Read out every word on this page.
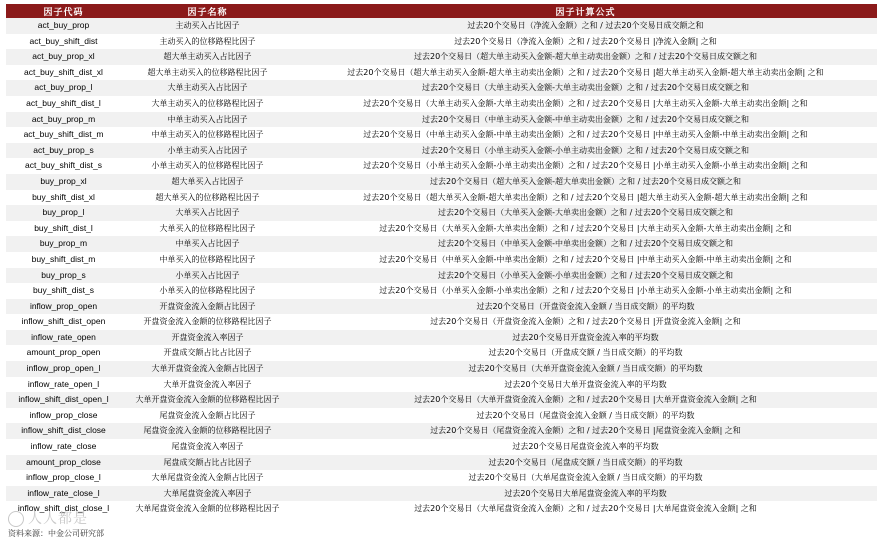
因子代码	因子名称	因子计算公式
act_buy_prop	主动买入占比因子	过去20个交易日（净流入金额）之和 / 过去20个交易日成交额之和
act_buy_shift_dist	主动买入的位移路程比因子	过去20个交易日（净流入金额）之和 / 过去20个交易日 |净流入金额| 之和
act_buy_prop_xl	超大单主动买入占比因子	过去20个交易日（超大单主动买入金额-超大单主动卖出金额）之和 / 过去20个交易日成交额之和
act_buy_shift_dist_xl	超大单主动买入的位移路程比因子	过去20个交易日（超大单主动买入金额-超大单主动卖出金额）之和 / 过去20个交易日 |超大单主动买入金额-超大单主动卖出金额| 之和
act_buy_prop_l	大单主动买入占比因子	过去20个交易日（大单主动买入金额-大单主动卖出金额）之和 / 过去20个交易日成交额之和
act_buy_shift_dist_l	大单主动买入的位移路程比因子	过去20个交易日（大单主动买入金额-大单主动卖出金额）之和 / 过去20个交易日 |大单主动买入金额-大单主动卖出金额| 之和
act_buy_prop_m	中单主动买入占比因子	过去20个交易日（中单主动买入金额-中单主动卖出金额）之和 / 过去20个交易日成交额之和
act_buy_shift_dist_m	中单主动买入的位移路程比因子	过去20个交易日（中单主动买入金额-中单主动卖出金额）之和 / 过去20个交易日 |中单主动买入金额-中单主动卖出金额| 之和
act_buy_prop_s	小单主动买入占比因子	过去20个交易日（小单主动买入金额-小单主动卖出金额）之和 / 过去20个交易日成交额之和
act_buy_shift_dist_s	小单主动买入的位移路程比因子	过去20个交易日（小单主动买入金额-小单主动卖出金额）之和 / 过去20个交易日 |小单主动买入金额-小单主动卖出金额| 之和
buy_prop_xl	超大单买入占比因子	过去20个交易日（超大单买入金额-超大单卖出金额）之和 / 过去20个交易日成交额之和
buy_shift_dist_xl	超大单买入的位移路程比因子	过去20个交易日（超大单买入金额-超大单卖出金额）之和 / 过去20个交易日 |超大单主动买入金额-超大单主动卖出金额| 之和
buy_prop_l	大单买入占比因子	过去20个交易日（大单买入金额-大单卖出金额）之和 / 过去20个交易日成交额之和
buy_shift_dist_l	大单买入的位移路程比因子	过去20个交易日（大单买入金额-大单卖出金额）之和 / 过去20个交易日 |大单主动买入金额-大单主动卖出金额| 之和
buy_prop_m	中单买入占比因子	过去20个交易日（中单买入金额-中单卖出金额）之和 / 过去20个交易日成交额之和
buy_shift_dist_m	中单买入的位移路程比因子	过去20个交易日（中单买入金额-中单卖出金额）之和 / 过去20个交易日 |中单主动买入金额-中单主动卖出金额| 之和
buy_prop_s	小单买入占比因子	过去20个交易日（小单买入金额-小单卖出金额）之和 / 过去20个交易日成交额之和
buy_shift_dist_s	小单买入的位移路程比因子	过去20个交易日（小单买入金额-小单卖出金额）之和 / 过去20个交易日 |小单主动买入金额-小单主动卖出金额| 之和
inflow_prop_open	开盘资金流入金额占比因子	过去20个交易日（开盘资金流入金额 / 当日成交额）的平均数
inflow_shift_dist_open	开盘资金流入金额的位移路程比因子	过去20个交易日（开盘资金流入金额）之和 / 过去20个交易日 |开盘资金流入金额| 之和
inflow_rate_open	开盘资金流入率因子	过去20个交易日开盘资金流入率的平均数
amount_prop_open	开盘成交额占比占比因子	过去20个交易日（开盘成交额 / 当日成交额）的平均数
inflow_prop_open_l	大单开盘资金流入金额占比因子	过去20个交易日（大单开盘资金流入金额 / 当日成交额）的平均数
inflow_rate_open_l	大单开盘资金流入率因子	过去20个交易日大单开盘资金流入率的平均数
inflow_shift_dist_open_l	大单开盘资金流入金额的位移路程比因子	过去20个交易日（大单开盘资金流入金额）之和 / 过去20个交易日 |大单开盘资金流入金额| 之和
inflow_prop_close	尾盘资金流入金额占比因子	过去20个交易日（尾盘资金流入金额 / 当日成交额）的平均数
inflow_shift_dist_close	尾盘资金流入金额的位移路程比因子	过去20个交易日（尾盘资金流入金额）之和 / 过去20个交易日 |尾盘资金流入金额| 之和
inflow_rate_close	尾盘资金流入率因子	过去20个交易日尾盘资金流入率的平均数
amount_prop_close	尾盘成交额占比占比因子	过去20个交易日（尾盘成交额 / 当日成交额）的平均数
inflow_prop_close_l	大单尾盘资金流入金额占比因子	过去20个交易日（大单尾盘资金流入金额 / 当日成交额）的平均数
inflow_rate_close_l	大单尾盘资金流入率因子	过去20个交易日大单尾盘资金流入率的平均数
inflow_shift_dist_close_l	大单尾盘资金流入金额的位移路程比因子	过去20个交易日（大单尾盘资金流入金额）之和 / 过去20个交易日 |大单尾盘资金流入金额| 之和
人人都是
资料来源：中金公司研究部
